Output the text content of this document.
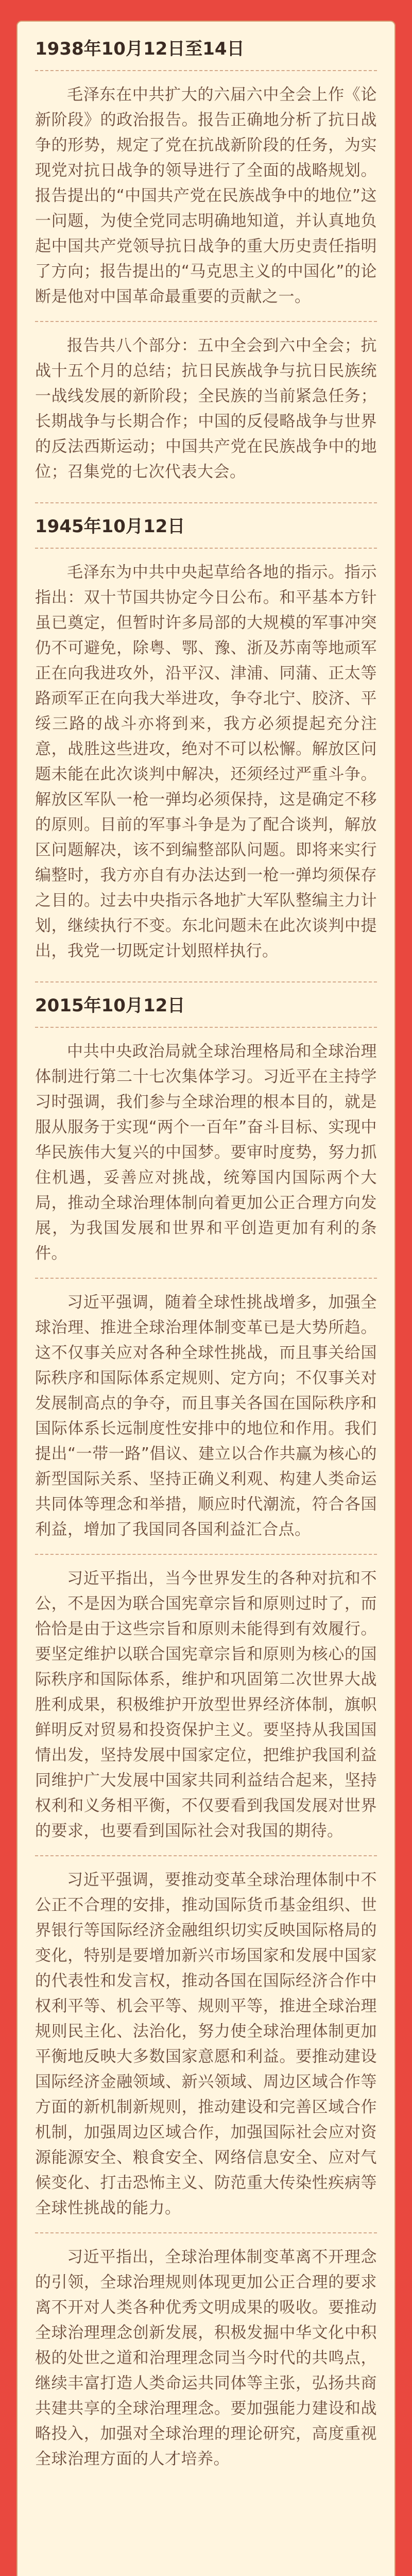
1938年10月12日至14日

毛泽东在中共扩大的六届六中全会上作《论新阶段》的政治报告。报告正确地分析了抗日战争的形势，规定了党在抗战新阶段的任务，为实现党对抗日战争的领导进行了全面的战略规划。报告提出的“中国共产党在民族战争中的地位”这一问题，为使全党同志明确地知道，并认真地负起中国共产党领导抗日战争的重大历史责任指明了方向；报告提出的“马克思主义的中国化”的论断是他对中国革命最重要的贡献之一。

报告共八个部分：五中全会到六中全会；抗战十五个月的总结；抗日民族战争与抗日民族统一战线发展的新阶段；全民族的当前紧急任务；长期战争与长期合作；中国的反侵略战争与世界的反法西斯运动；中国共产党在民族战争中的地位；召集党的七次代表大会。

1945年10月12日

毛泽东为中共中央起草给各地的指示。指示指出：双十节国共协定今日公布。和平基本方针虽已奠定，但暂时许多局部的大规模的军事冲突仍不可避免，除粤、鄂、豫、浙及苏南等地顽军正在向我进攻外，沿平汉、津浦、同蒲、正太等路顽军正在向我大举进攻，争夺北宁、胶济、平绥三路的战斗亦将到来，我方必须提起充分注意，战胜这些进攻，绝对不可以松懈。解放区问题未能在此次谈判中解决，还须经过严重斗争。解放区军队一枪一弹均必须保持，这是确定不移的原则。目前的军事斗争是为了配合谈判，解放区问题解决，该不到编整部队问题。即将来实行编整时，我方亦自有办法达到一枪一弹均须保存之目的。过去中央指示各地扩大军队整编主力计划，继续执行不变。东北问题未在此次谈判中提出，我党一切既定计划照样执行。

2015年10月12日

中共中央政治局就全球治理格局和全球治理体制进行第二十七次集体学习。习近平在主持学习时强调，我们参与全球治理的根本目的，就是服从服务于实现“两个一百年”奋斗目标、实现中华民族伟大复兴的中国梦。要审时度势，努力抓住机遇，妥善应对挑战，统筹国内国际两个大局，推动全球治理体制向着更加公正合理方向发展，为我国发展和世界和平创造更加有利的条件。

习近平强调，随着全球性挑战增多，加强全球治理、推进全球治理体制变革已是大势所趋。这不仅事关应对各种全球性挑战，而且事关给国际秩序和国际体系定规则、定方向；不仅事关对发展制高点的争夺，而且事关各国在国际秩序和国际体系长远制度性安排中的地位和作用。我们提出“一带一路”倡议、建立以合作共赢为核心的新型国际关系、坚持正确义利观、构建人类命运共同体等理念和举措，顺应时代潮流，符合各国利益，增加了我国同各国利益汇合点。

习近平指出，当今世界发生的各种对抗和不公，不是因为联合国宪章宗旨和原则过时了，而恰恰是由于这些宗旨和原则未能得到有效履行。要坚定维护以联合国宪章宗旨和原则为核心的国际秩序和国际体系，维护和巩固第二次世界大战胜利成果，积极维护开放型世界经济体制，旗帜鲜明反对贸易和投资保护主义。要坚持从我国国情出发，坚持发展中国家定位，把维护我国利益同维护广大发展中国家共同利益结合起来，坚持权利和义务相平衡，不仅要看到我国发展对世界的要求，也要看到国际社会对我国的期待。

习近平强调，要推动变革全球治理体制中不公正不合理的安排，推动国际货币基金组织、世界银行等国际经济金融组织切实反映国际格局的变化，特别是要增加新兴市场国家和发展中国家的代表性和发言权，推动各国在国际经济合作中权利平等、机会平等、规则平等，推进全球治理规则民主化、法治化，努力使全球治理体制更加平衡地反映大多数国家意愿和利益。要推动建设国际经济金融领域、新兴领域、周边区域合作等方面的新机制新规则，推动建设和完善区域合作机制，加强周边区域合作，加强国际社会应对资源能源安全、粮食安全、网络信息安全、应对气候变化、打击恐怖主义、防范重大传染性疾病等全球性挑战的能力。

习近平指出，全球治理体制变革离不开理念的引领，全球治理规则体现更加公正合理的要求离不开对人类各种优秀文明成果的吸收。要推动全球治理理念创新发展，积极发掘中华文化中积极的处世之道和治理理念同当今时代的共鸣点，继续丰富打造人类命运共同体等主张，弘扬共商共建共享的全球治理理念。要加强能力建设和战略投入，加强对全球治理的理论研究，高度重视全球治理方面的人才培养。
